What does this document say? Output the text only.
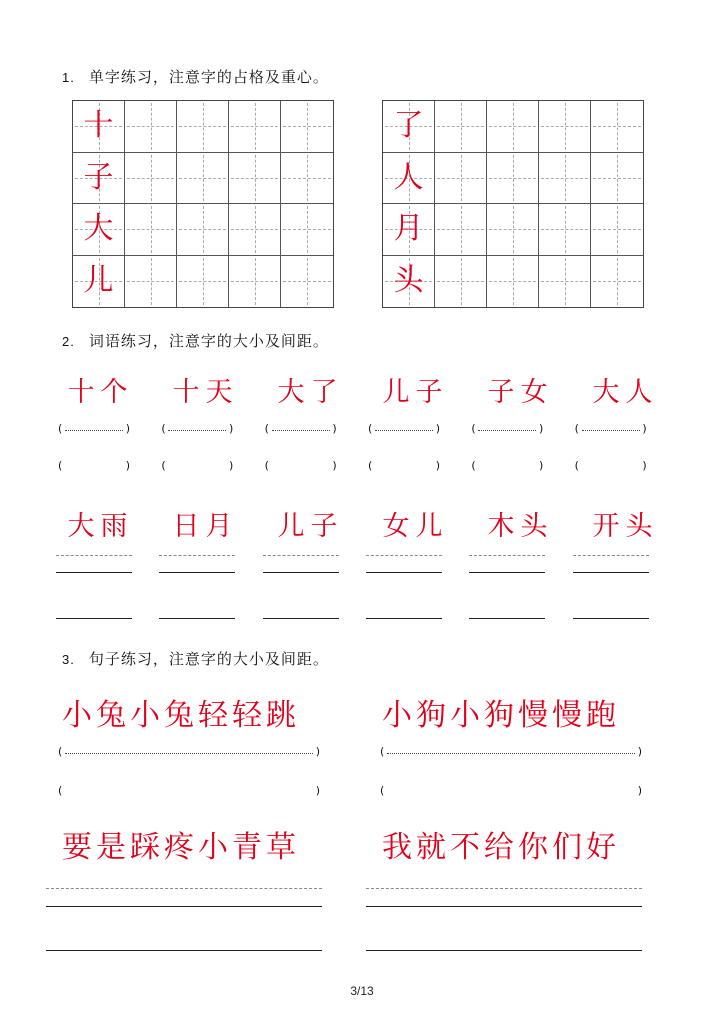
1. 单字练习，注意字的占格及重心。
十
子
大
儿
了
人
月
头
2. 词语练习，注意字的大小及间距。
十个	十天	大了	儿子	子女	大人
(	)	(	)	(	)	(	)	(	)	(	)
(	)	(	)	(	)	(	)	(	)	(	)
大雨	日月	儿子	女儿	木头	开头
3. 句子练习，注意字的大小及间距。
小兔小兔轻轻跳	小狗小狗慢慢跑
(	)	(	)
(	)	(	)
要是踩疼小青草	我就不给你们好
3/13
